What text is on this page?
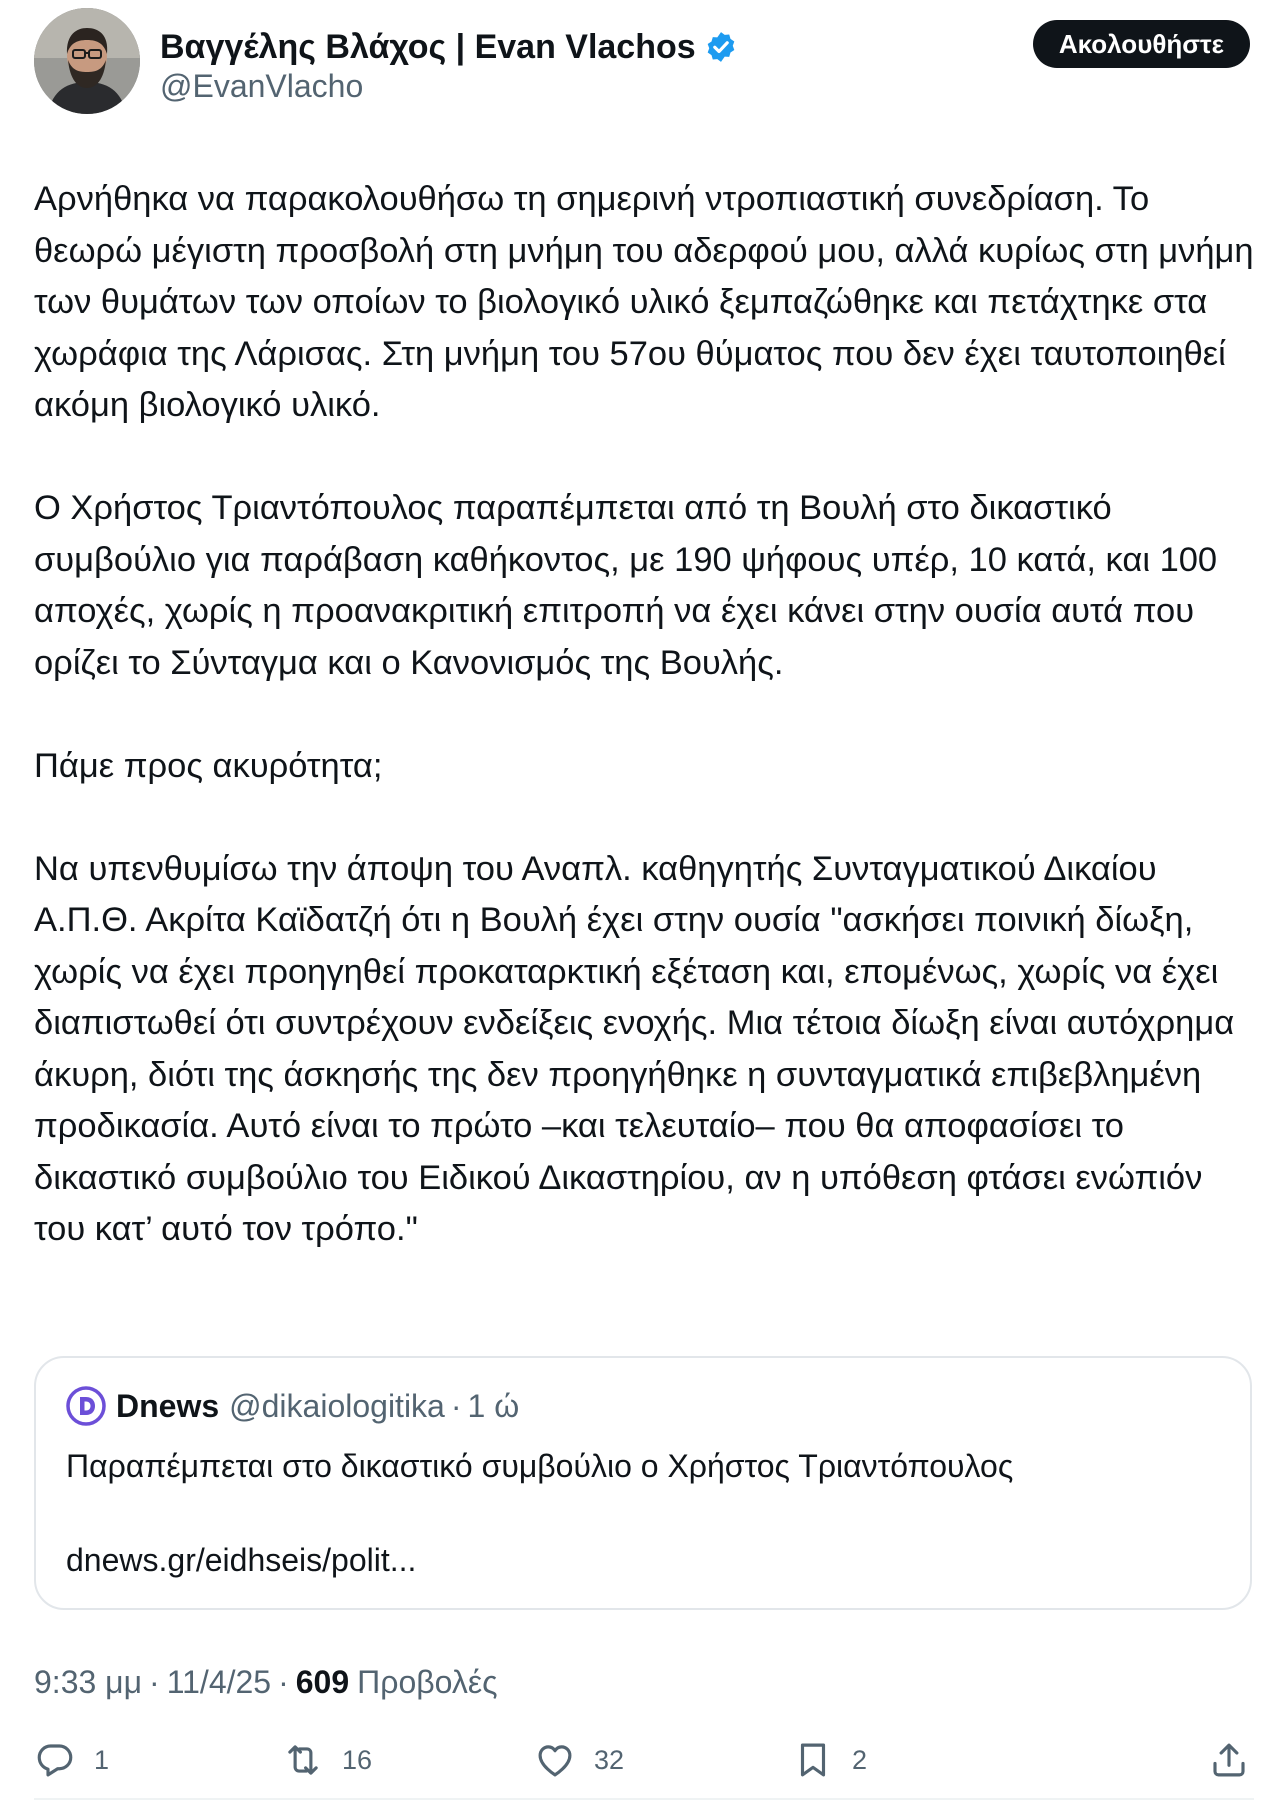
Βαγγέλης Βλάχος | Evan Vlachos
@EvanVlacho
Ακολουθήστε

Αρνήθηκα να παρακολουθήσω τη σημερινή ντροπιαστική συνεδρίαση. Το θεωρώ μέγιστη προσβολή στη μνήμη του αδερφού μου, αλλά κυρίως στη μνήμη των θυμάτων των οποίων το βιολογικό υλικό ξεμπαζώθηκε και πετάχτηκε στα χωράφια της Λάρισας. Στη μνήμη του 57ου θύματος που δεν έχει ταυτοποιηθεί ακόμη βιολογικό υλικό.

Ο Χρήστος Τριαντόπουλος παραπέμπεται από τη Βουλή στο δικαστικό συμβούλιο για παράβαση καθήκοντος, με 190 ψήφους υπέρ, 10 κατά, και 100 αποχές, χωρίς η προανακριτική επιτροπή να έχει κάνει στην ουσία αυτά που ορίζει το Σύνταγμα και ο Κανονισμός της Βουλής.

Πάμε προς ακυρότητα;

Να υπενθυμίσω την άποψη του Αναπλ. καθηγητής Συνταγματικού Δικαίου Α.Π.Θ. Ακρίτα Καϊδατζή ότι η Βουλή έχει στην ουσία "ασκήσει ποινική δίωξη, χωρίς να έχει προηγηθεί προκαταρκτική εξέταση και, επομένως, χωρίς να έχει διαπιστωθεί ότι συντρέχουν ενδείξεις ενοχής. Μια τέτοια δίωξη είναι αυτόχρημα άκυρη, διότι της άσκησής της δεν προηγήθηκε η συνταγματικά επιβεβλημένη προδικασία. Αυτό είναι το πρώτο –και τελευταίο– που θα αποφασίσει το δικαστικό συμβούλιο του Ειδικού Δικαστηρίου, αν η υπόθεση φτάσει ενώπιόν του κατ’ αυτό τον τρόπο."

Dnews @dikaiologitika · 1 ώ
Παραπέμπεται στο δικαστικό συμβούλιο ο Χρήστος Τριαντόπουλος
dnews.gr/eidhseis/polit...
9:33 μμ · 11/4/25 · 609 Προβολές
1	16	32	2
